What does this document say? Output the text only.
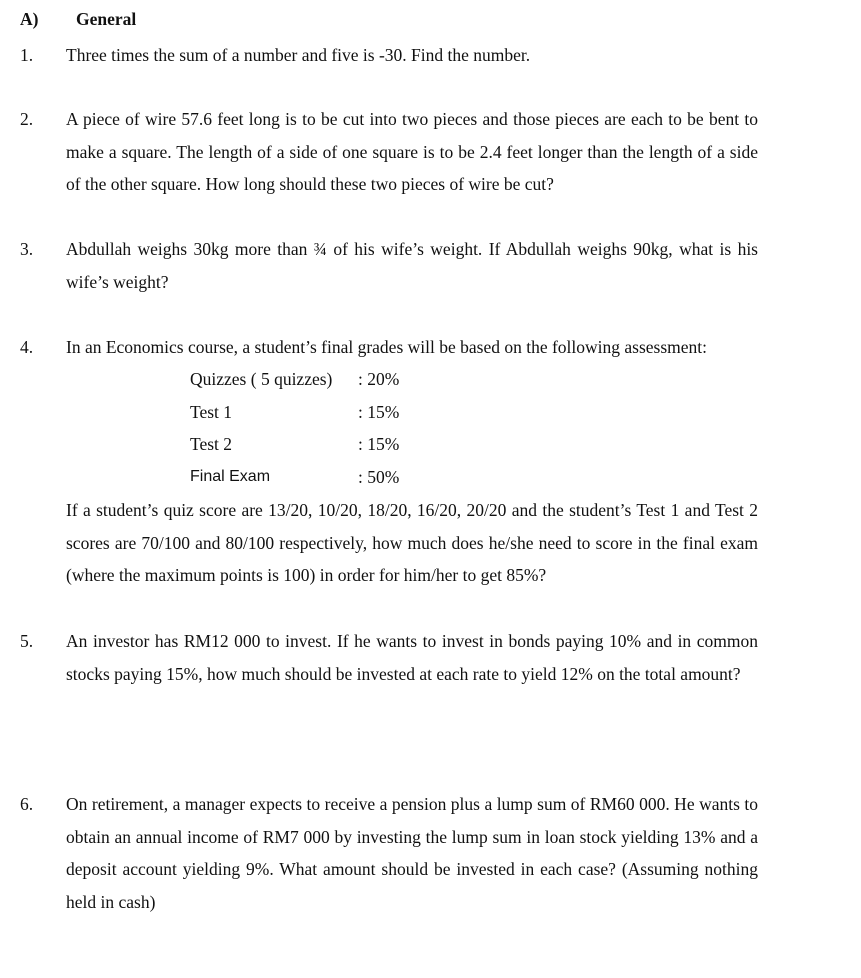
A) General
1. Three times the sum of a number and five is -30. Find the number.
2. A piece of wire 57.6 feet long is to be cut into two pieces and those pieces are each to be bent to make a square. The length of a side of one square is to be 2.4 feet longer than the length of a side of the other square. How long should these two pieces of wire be cut?
3. Abdullah weighs 30kg more than ¾ of his wife’s weight. If Abdullah weighs 90kg, what is his wife’s weight?
4. In an Economics course, a student’s final grades will be based on the following assessment:
Quizzes ( 5 quizzes) : 20%
Test 1	: 15%
Test 2	: 15%
Final Exam	: 50%
If a student’s quiz score are 13/20, 10/20, 18/20, 16/20, 20/20 and the student’s Test 1 and Test 2 scores are 70/100 and 80/100 respectively, how much does he/she need to score in the final exam (where the maximum points is 100) in order for him/her to get 85%?
5. An investor has RM12 000 to invest. If he wants to invest in bonds paying 10% and in common stocks paying 15%, how much should be invested at each rate to yield 12% on the total amount?
6. On retirement, a manager expects to receive a pension plus a lump sum of RM60 000. He wants to obtain an annual income of RM7 000 by investing the lump sum in loan stock yielding 13% and a deposit account yielding 9%. What amount should be invested in each case? (Assuming nothing held in cash)
